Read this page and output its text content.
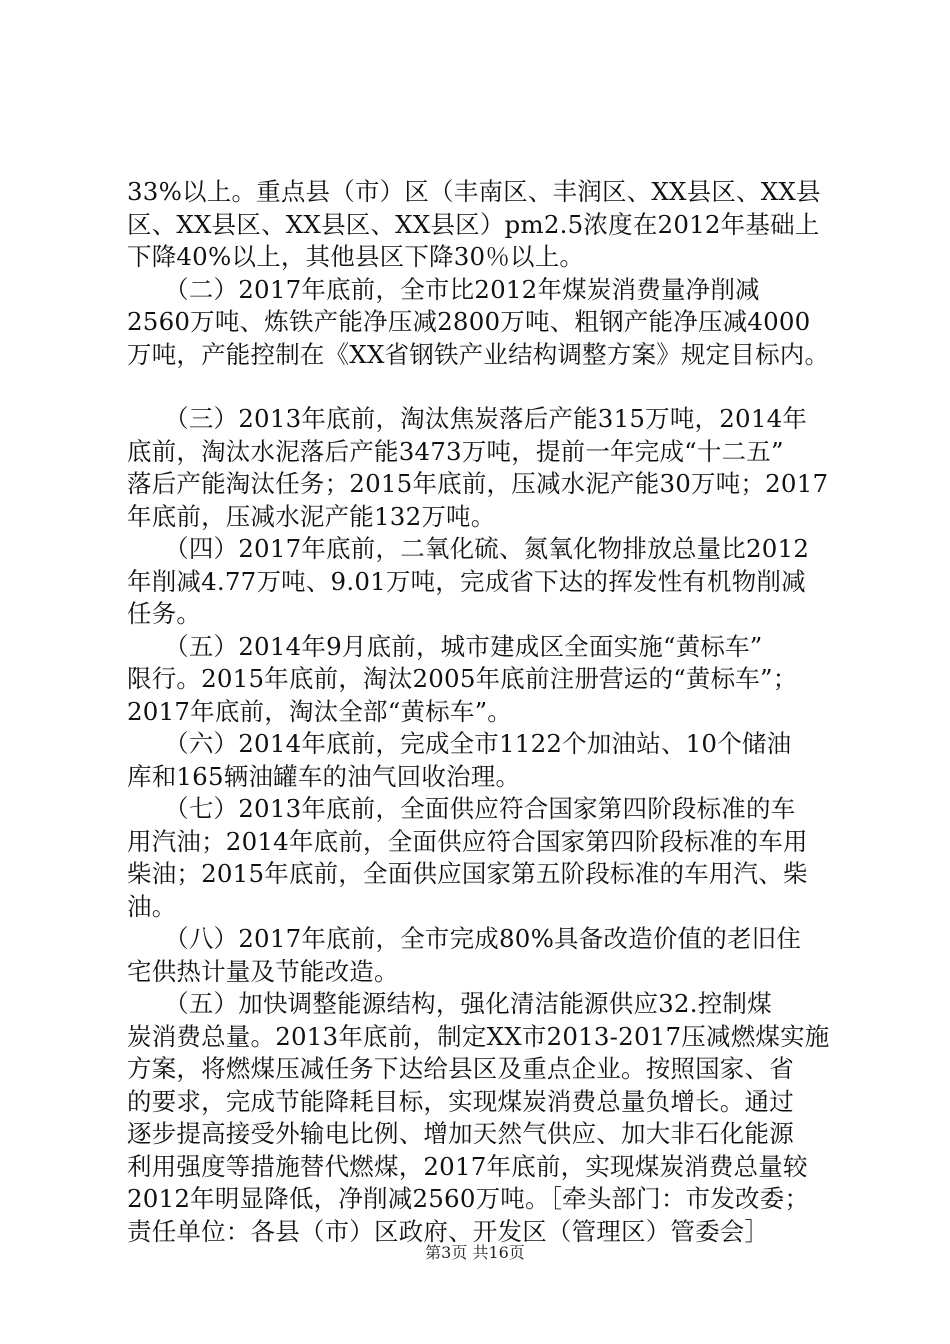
33%以上。重点县（市）区（丰南区、丰润区、XX县区、XX县
区、XX县区、XX县区、XX县区）pm2.5浓度在2012年基础上
下降40%以上，其他县区下降30％以上。
　　（二）2017年底前，全市比2012年煤炭消费量净削减
2560万吨、炼铁产能净压减2800万吨、粗钢产能净压减4000
万吨，产能控制在《XX省钢铁产业结构调整方案》规定目标内。
　　（三）2013年底前，淘汰焦炭落后产能315万吨，2014年
底前，淘汰水泥落后产能3473万吨，提前一年完成“十二五”
落后产能淘汰任务；2015年底前，压减水泥产能30万吨；2017
年底前，压减水泥产能132万吨。
　　（四）2017年底前，二氧化硫、氮氧化物排放总量比2012
年削减4.77万吨、9.01万吨，完成省下达的挥发性有机物削减
任务。
　　（五）2014年9月底前，城市建成区全面实施“黄标车”
限行。2015年底前，淘汰2005年底前注册营运的“黄标车”；
2017年底前，淘汰全部“黄标车”。
　　（六）2014年底前，完成全市1122个加油站、10个储油
库和165辆油罐车的油气回收治理。
　　（七）2013年底前，全面供应符合国家第四阶段标准的车
用汽油；2014年底前，全面供应符合国家第四阶段标准的车用
柴油；2015年底前，全面供应国家第五阶段标准的车用汽、柴
油。
　　（八）2017年底前，全市完成80%具备改造价值的老旧住
宅供热计量及节能改造。
　　（五）加快调整能源结构，强化清洁能源供应32.控制煤
炭消费总量。2013年底前，制定XX市2013-2017压减燃煤实施
方案，将燃煤压减任务下达给县区及重点企业。按照国家、省
的要求，完成节能降耗目标，实现煤炭消费总量负增长。通过
逐步提高接受外输电比例、增加天然气供应、加大非石化能源
利用强度等措施替代燃煤，2017年底前，实现煤炭消费总量较
2012年明显降低，净削减2560万吨。［牵头部门：市发改委；
责任单位：各县（市）区政府、开发区（管理区）管委会］
第3页 共16页
